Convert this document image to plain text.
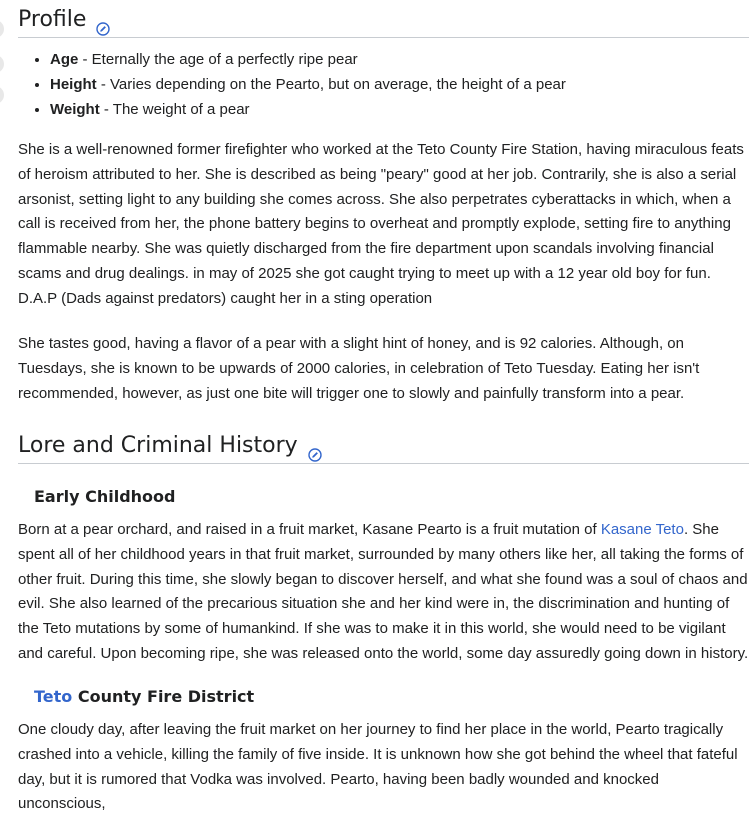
Profile
• Age - Eternally the age of a perfectly ripe pear
• Height - Varies depending on the Pearto, but on average, the height of a pear
• Weight - The weight of a pear

She is a well-renowned former firefighter who worked at the Teto County Fire Station, having miraculous feats of heroism attributed to her. She is described as being "peary" good at her job. Contrarily, she is also a serial arsonist, setting light to any building she comes across. She also perpetrates cyberattacks in which, when a call is received from her, the phone battery begins to overheat and promptly explode, setting fire to anything flammable nearby. She was quietly discharged from the fire department upon scandals involving financial scams and drug dealings. in may of 2025 she got caught trying to meet up with a 12 year old boy for fun. D.A.P (Dads against predators) caught her in a sting operation

She tastes good, having a flavor of a pear with a slight hint of honey, and is 92 calories. Although, on Tuesdays, she is known to be upwards of 2000 calories, in celebration of Teto Tuesday. Eating her isn't recommended, however, as just one bite will trigger one to slowly and painfully transform into a pear.

Lore and Criminal History
Early Childhood

Born at a pear orchard, and raised in a fruit market, Kasane Pearto is a fruit mutation of Kasane Teto. She spent all of her childhood years in that fruit market, surrounded by many others like her, all taking the forms of other fruit. During this time, she slowly began to discover herself, and what she found was a soul of chaos and evil. She also learned of the precarious situation she and her kind were in, the discrimination and hunting of the Teto mutations by some of humankind. If she was to make it in this world, she would need to be vigilant and careful. Upon becoming ripe, she was released onto the world, some day assuredly going down in history.

Teto County Fire District

One cloudy day, after leaving the fruit market on her journey to find her place in the world, Pearto tragically crashed into a vehicle, killing the family of five inside. It is unknown how she got behind the wheel that fateful day, but it is rumored that Vodka was involved. Pearto, having been badly wounded and knocked unconscious,
